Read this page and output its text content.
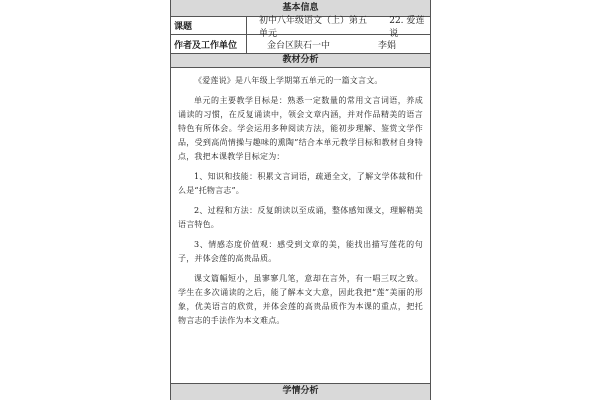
基本信息
课题
初中八年级语文（上）第五单元
22. 爱莲说
作者及工作单位	金台区陕石一中	李娟
教材分析

《爱莲说》是八年级上学期第五单元的一篇文言文。

单元的主要教学目标是：熟悉一定数量的常用文言词语，养成诵读的习惯，在反复诵读中，领会文章内涵，并对作品精美的语言特色有所体会。学会运用多种阅读方法，能初步理解、鉴赏文学作品，受到高尚情操与趣味的熏陶”结合本单元教学目标和教材自身特点，我把本课教学目标定为：

1、知识和技能：积累文言词语，疏通全文，了解文学体裁和什么是“托物言志”。

2、过程和方法：反复朗读以至成诵，整体感知课文，理解精美语言特色。

3、情感态度价值观：感受到文章的美，能找出描写莲花的句子，并体会莲的高贵品质。

课文篇幅短小，虽寥寥几笔，意却在言外，有一唱三叹之致。学生在多次诵读的之后，能了解本文大意，因此我把“莲”美丽的形象，优美语言的欣赏，并体会莲的高贵品质作为本课的重点，把托物言志的手法作为本文难点。

学情分析
